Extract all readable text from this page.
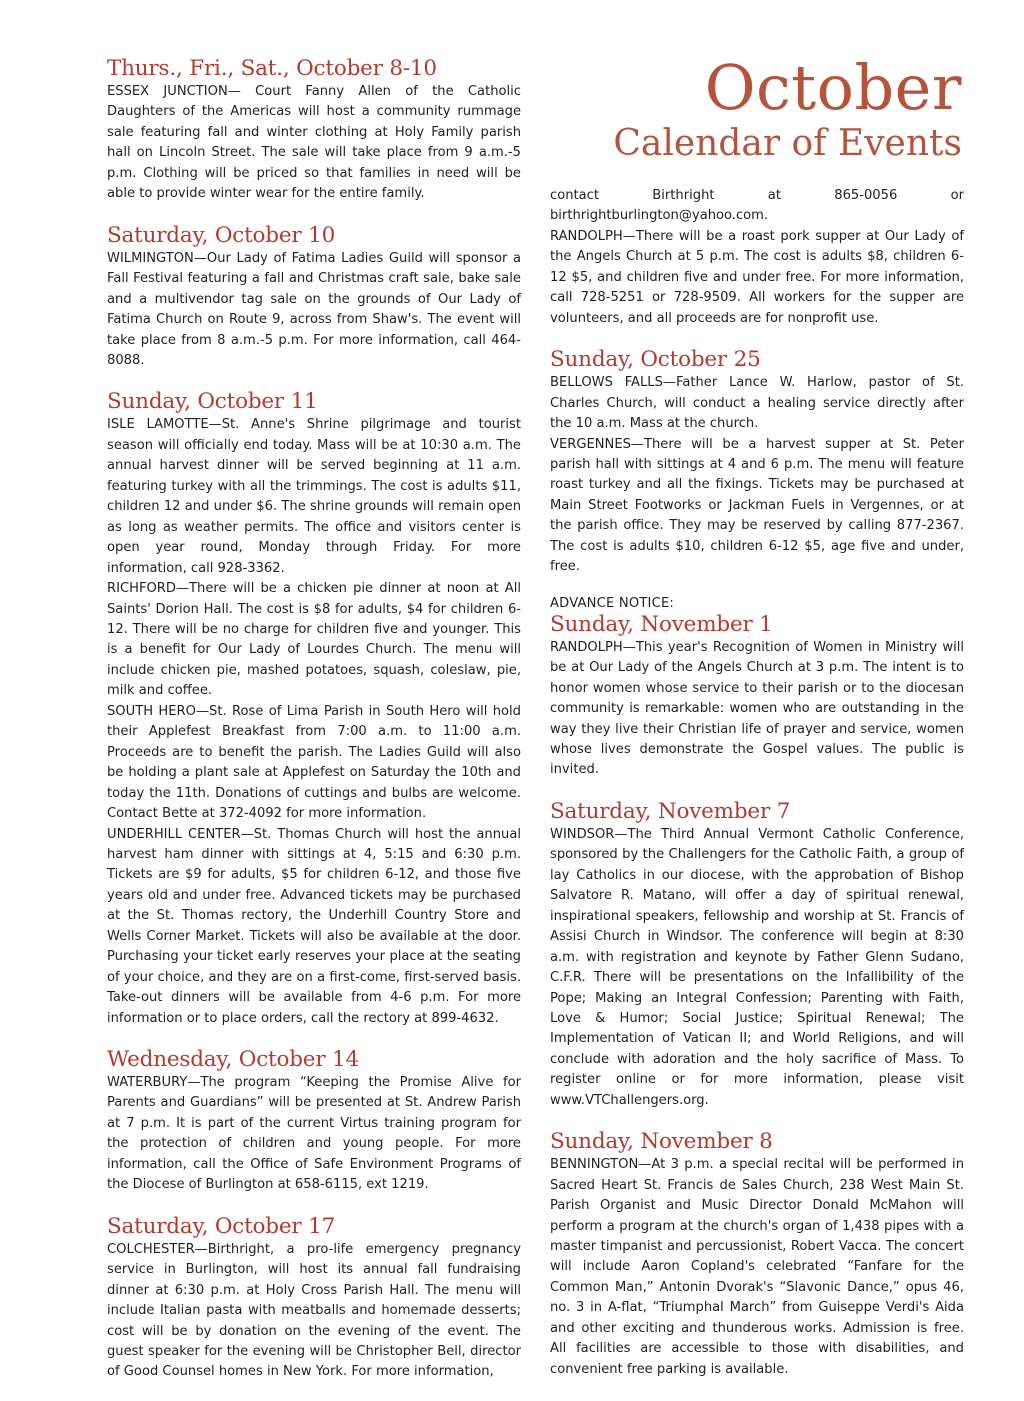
October
Calendar of Events
Thurs., Fri., Sat., October 8-10

ESSEX JUNCTION— Court Fanny Allen of the Catholic Daughters of the Americas will host a community rummage sale featuring fall and winter clothing at Holy Family parish hall on Lincoln Street. The sale will take place from 9 a.m.-5 p.m. Clothing will be priced so that families in need will be able to provide winter wear for the entire family.

Saturday, October 10

WILMINGTON—Our Lady of Fatima Ladies Guild will sponsor a Fall Festival featuring a fall and Christmas craft sale, bake sale and a multivendor tag sale on the grounds of Our Lady of Fatima Church on Route 9, across from Shaw's. The event will take place from 8 a.m.-5 p.m. For more information, call 464-8088.

Sunday, October 11

ISLE LAMOTTE—St. Anne's Shrine pilgrimage and tourist season will officially end today. Mass will be at 10:30 a.m. The annual harvest dinner will be served beginning at 11 a.m. featuring turkey with all the trimmings. The cost is adults $11, children 12 and under $6. The shrine grounds will remain open as long as weather permits. The office and visitors center is open year round, Monday through Friday. For more information, call 928-3362.

RICHFORD—There will be a chicken pie dinner at noon at All Saints' Dorion Hall. The cost is $8 for adults, $4 for children 6-12. There will be no charge for children five and younger. This is a benefit for Our Lady of Lourdes Church. The menu will include chicken pie, mashed potatoes, squash, coleslaw, pie, milk and coffee.

SOUTH HERO—St. Rose of Lima Parish in South Hero will hold their Applefest Breakfast from 7:00 a.m. to 11:00 a.m. Proceeds are to benefit the parish. The Ladies Guild will also be holding a plant sale at Applefest on Saturday the 10th and today the 11th. Donations of cuttings and bulbs are welcome. Contact Bette at 372-4092 for more information.

UNDERHILL CENTER—St. Thomas Church will host the annual harvest ham dinner with sittings at 4, 5:15 and 6:30 p.m. Tickets are $9 for adults, $5 for children 6-12, and those five years old and under free. Advanced tickets may be purchased at the St. Thomas rectory, the Underhill Country Store and Wells Corner Market. Tickets will also be available at the door. Purchasing your ticket early reserves your place at the seating of your choice, and they are on a first-come, first-served basis. Take-out dinners will be available from 4-6 p.m. For more information or to place orders, call the rectory at 899-4632.

Wednesday, October 14

WATERBURY—The program “Keeping the Promise Alive for Parents and Guardians” will be presented at St. Andrew Parish at 7 p.m. It is part of the current Virtus training program for the protection of children and young people. For more information, call the Office of Safe Environment Programs of the Diocese of Burlington at 658-6115, ext 1219.

Saturday, October 17

COLCHESTER—Birthright, a pro-life emergency pregnancy service in Burlington, will host its annual fall fundraising dinner at 6:30 p.m. at Holy Cross Parish Hall. The menu will include Italian pasta with meatballs and homemade desserts; cost will be by donation on the evening of the event. The guest speaker for the evening will be Christopher Bell, director of Good Counsel homes in New York. For more information,

contact Birthright at 865-0056 or birthrightburlington@yahoo.com.

RANDOLPH—There will be a roast pork supper at Our Lady of the Angels Church at 5 p.m. The cost is adults $8, children 6-12 $5, and children five and under free. For more information, call 728-5251 or 728-9509. All workers for the supper are volunteers, and all proceeds are for nonprofit use.

Sunday, October 25

BELLOWS FALLS—Father Lance W. Harlow, pastor of St. Charles Church, will conduct a healing service directly after the 10 a.m. Mass at the church.

VERGENNES—There will be a harvest supper at St. Peter parish hall with sittings at 4 and 6 p.m. The menu will feature roast turkey and all the fixings. Tickets may be purchased at Main Street Footworks or Jackman Fuels in Vergennes, or at the parish office. They may be reserved by calling 877-2367. The cost is adults $10, children 6-12 $5, age five and under, free.

ADVANCE NOTICE:
Sunday, November 1

RANDOLPH—This year's Recognition of Women in Ministry will be at Our Lady of the Angels Church at 3 p.m. The intent is to honor women whose service to their parish or to the diocesan community is remarkable: women who are outstanding in the way they live their Christian life of prayer and service, women whose lives demonstrate the Gospel values. The public is invited.

Saturday, November 7

WINDSOR—The Third Annual Vermont Catholic Conference, sponsored by the Challengers for the Catholic Faith, a group of lay Catholics in our diocese, with the approbation of Bishop Salvatore R. Matano, will offer a day of spiritual renewal, inspirational speakers, fellowship and worship at St. Francis of Assisi Church in Windsor. The conference will begin at 8:30 a.m. with registration and keynote by Father Glenn Sudano, C.F.R. There will be presentations on the Infallibility of the Pope; Making an Integral Confession; Parenting with Faith, Love & Humor; Social Justice; Spiritual Renewal; The Implementation of Vatican II; and World Religions, and will conclude with adoration and the holy sacrifice of Mass. To register online or for more information, please visit www.VTChallengers.org.

Sunday, November 8

BENNINGTON—At 3 p.m. a special recital will be performed in Sacred Heart St. Francis de Sales Church, 238 West Main St. Parish Organist and Music Director Donald McMahon will perform a program at the church's organ of 1,438 pipes with a master timpanist and percussionist, Robert Vacca. The concert will include Aaron Copland's celebrated “Fanfare for the Common Man,” Antonin Dvorak's “Slavonic Dance,” opus 46, no. 3 in A-flat, “Triumphal March” from Guiseppe Verdi's Aida and other exciting and thunderous works. Admission is free. All facilities are accessible to those with disabilities, and convenient free parking is available.
